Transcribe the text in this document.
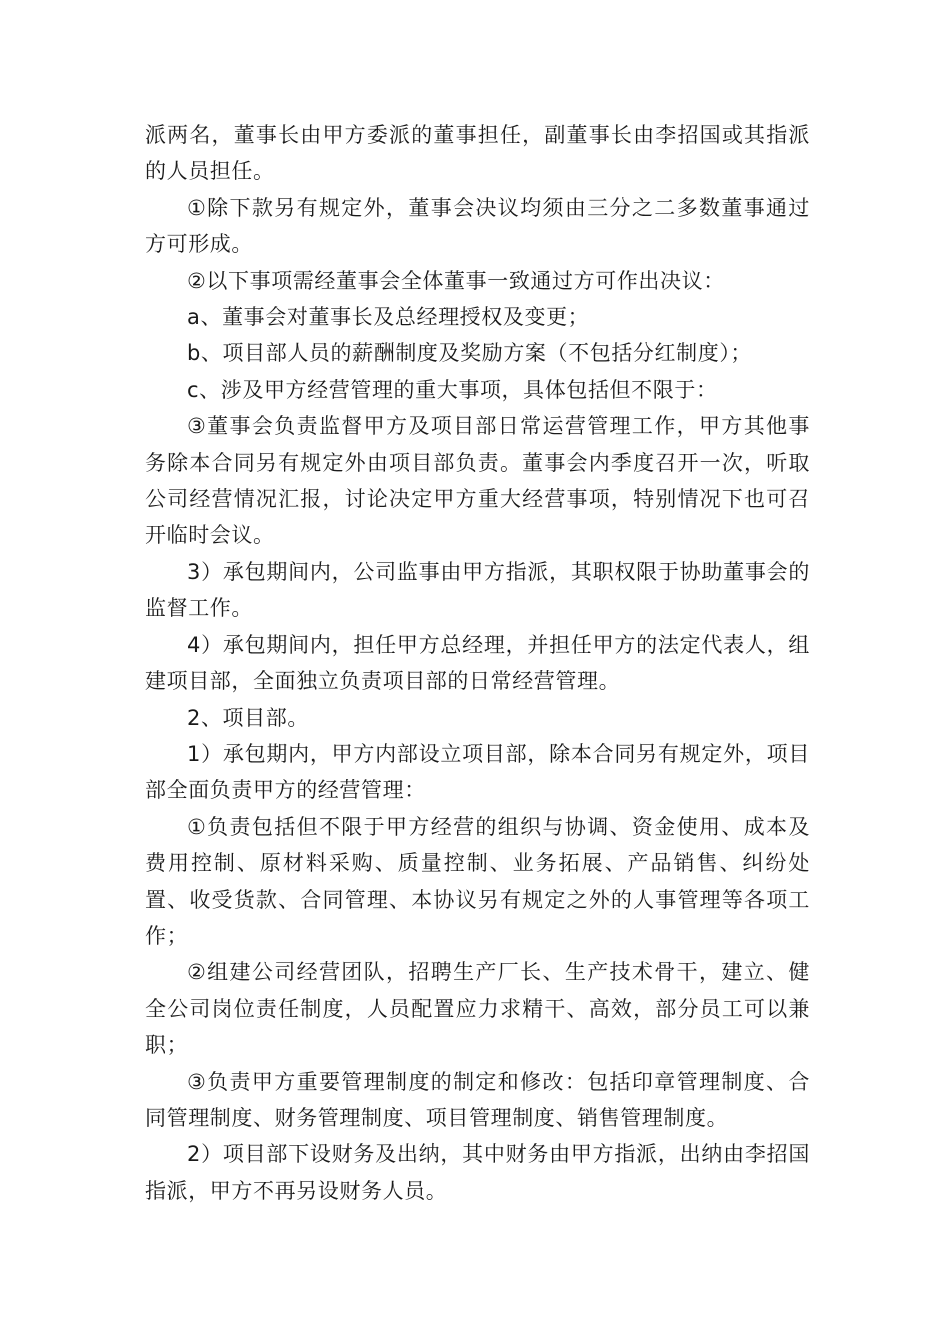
派两名，董事长由甲方委派的董事担任，副董事长由李招国或其指派的人员担任。

①除下款另有规定外，董事会决议均须由三分之二多数董事通过方可形成。

②以下事项需经董事会全体董事一致通过方可作出决议：

a、董事会对董事长及总经理授权及变更；

b、项目部人员的薪酬制度及奖励方案（不包括分红制度）；

c、涉及甲方经营管理的重大事项，具体包括但不限于：

③董事会负责监督甲方及项目部日常运营管理工作，甲方其他事务除本合同另有规定外由项目部负责。董事会内季度召开一次，听取公司经营情况汇报，讨论决定甲方重大经营事项，特别情况下也可召开临时会议。

3）承包期间内，公司监事由甲方指派，其职权限于协助董事会的监督工作。

4）承包期间内，担任甲方总经理，并担任甲方的法定代表人，组建项目部，全面独立负责项目部的日常经营管理。

2、项目部。

1）承包期内，甲方内部设立项目部，除本合同另有规定外，项目部全面负责甲方的经营管理：

①负责包括但不限于甲方经营的组织与协调、资金使用、成本及费用控制、原材料采购、质量控制、业务拓展、产品销售、纠纷处置、收受货款、合同管理、本协议另有规定之外的人事管理等各项工作；

②组建公司经营团队，招聘生产厂长、生产技术骨干，建立、健全公司岗位责任制度，人员配置应力求精干、高效，部分员工可以兼职；

③负责甲方重要管理制度的制定和修改：包括印章管理制度、合同管理制度、财务管理制度、项目管理制度、销售管理制度。

2）项目部下设财务及出纳，其中财务由甲方指派，出纳由李招国指派，甲方不再另设财务人员。
